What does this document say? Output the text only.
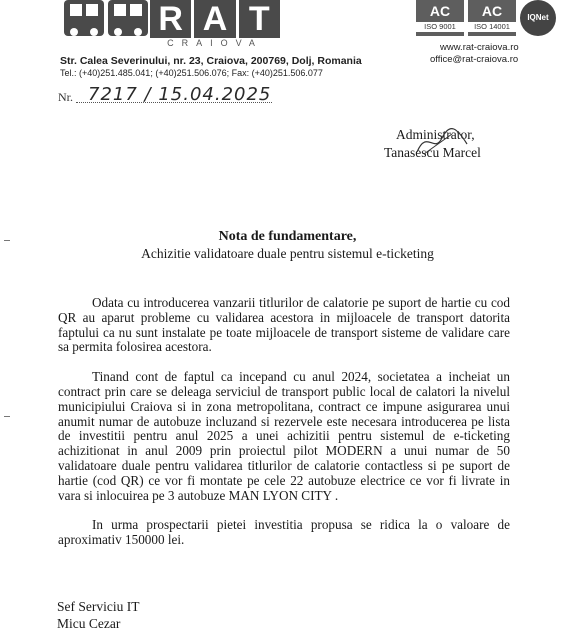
R A T
CRAIOVA
AC
ISO 9001
AC
ISO 14001
IQNet
Str. Calea Severinului, nr. 23, Craiova, 200769, Dolj, Romania
Tel.: (+40)251.485.041; (+40)251.506.076; Fax: (+40)251.506.077
www.rat-craiova.ro
office@rat-craiova.ro
Nr. 7217 / 15.04.2025
Administrator,
Tanasescu Marcel
Nota de fundamentare,
Achizitie validatoare duale pentru sistemul e-ticketing

Odata cu introducerea vanzarii titlurilor de calatorie pe suport de hartie cu cod QR au aparut probleme cu validarea acestora in mijloacele de transport datorita faptului ca nu sunt instalate pe toate mijloacele de transport sisteme de validare care sa permita folosirea acestora.

Tinand cont de faptul ca incepand cu anul 2024, societatea a incheiat un contract prin care se deleaga serviciul de transport public local de calatori la nivelul municipiului Craiova si in zona metropolitana, contract ce impune asigurarea unui anumit numar de autobuze incluzand si rezervele este necesara introducerea pe lista de investitii pentru anul 2025 a unei achizitii pentru sistemul de e-ticketing achizitionat in anul 2009 prin proiectul pilot MODERN a unui numar de 50 validatoare duale pentru validarea titlurilor de calatorie contactless si pe suport de hartie (cod QR) ce vor fi montate pe cele 22 autobuze electrice ce vor fi livrate in vara si inlocuirea pe 3 autobuze MAN LYON CITY .

In urma prospectarii pietei investitia propusa se ridica la o valoare de aproximativ 150000 lei.

Sef Serviciu IT
Micu Cezar
